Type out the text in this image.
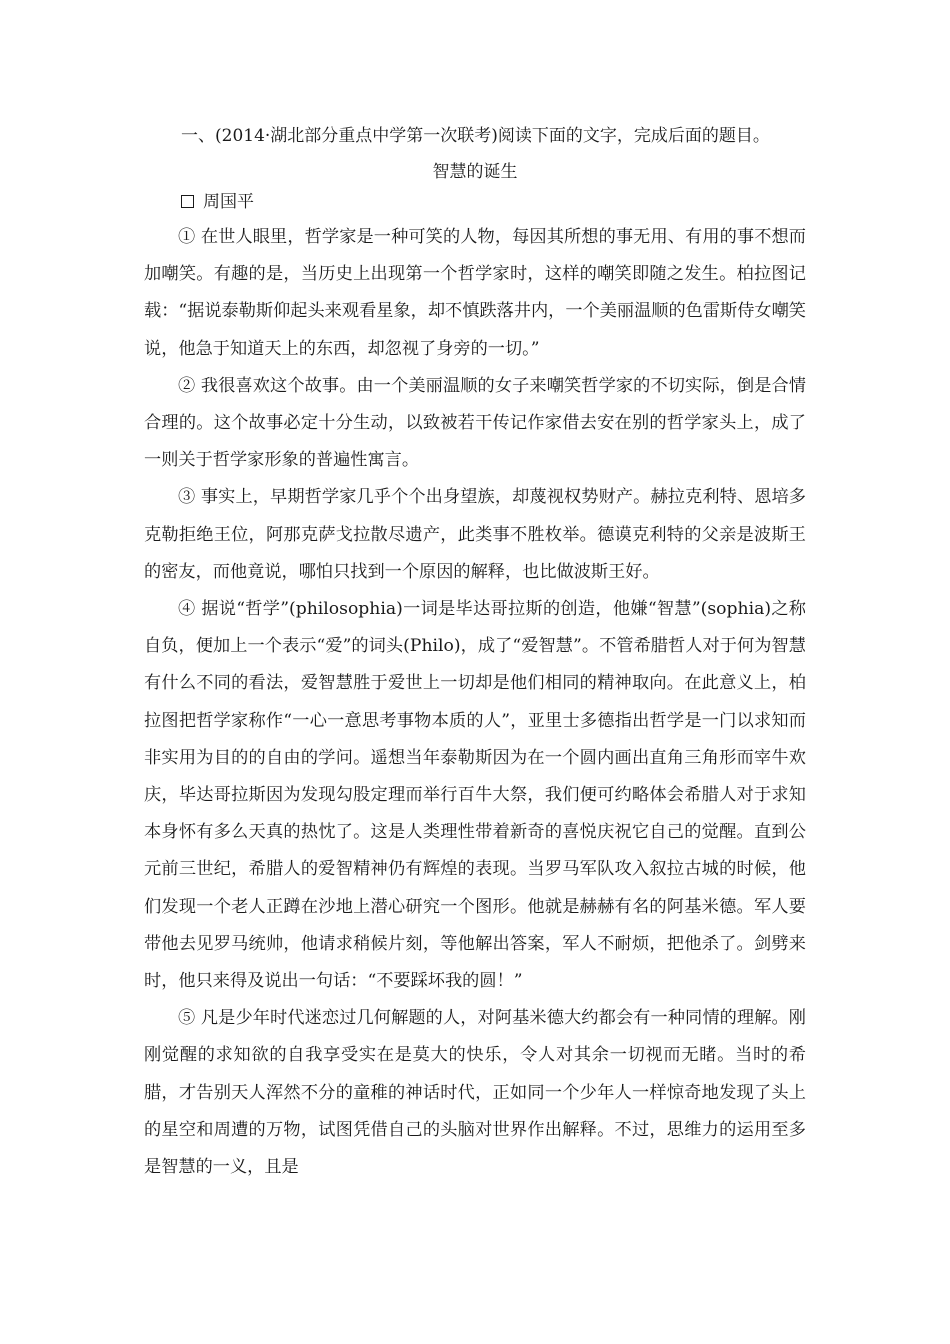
一、(2014·湖北部分重点中学第一次联考)阅读下面的文字，完成后面的题目。
智慧的诞生
周国平

① 在世人眼里，哲学家是一种可笑的人物，每因其所想的事无用、有用的事不想而加嘲笑。有趣的是，当历史上出现第一个哲学家时，这样的嘲笑即随之发生。柏拉图记载：“据说泰勒斯仰起头来观看星象，却不慎跌落井内，一个美丽温顺的色雷斯侍女嘲笑说，他急于知道天上的东西，却忽视了身旁的一切。”

② 我很喜欢这个故事。由一个美丽温顺的女子来嘲笑哲学家的不切实际，倒是合情合理的。这个故事必定十分生动，以致被若干传记作家借去安在别的哲学家头上，成了一则关于哲学家形象的普遍性寓言。

③ 事实上，早期哲学家几乎个个出身望族，却蔑视权势财产。赫拉克利特、恩培多克勒拒绝王位，阿那克萨戈拉散尽遗产，此类事不胜枚举。德谟克利特的父亲是波斯王的密友，而他竟说，哪怕只找到一个原因的解释，也比做波斯王好。

④ 据说“哲学”(philosophia)一词是毕达哥拉斯的创造，他嫌“智慧”(sophia)之称自负，便加上一个表示“爱”的词头(Philo)，成了“爱智慧”。不管希腊哲人对于何为智慧有什么不同的看法，爱智慧胜于爱世上一切却是他们相同的精神取向。在此意义上，柏拉图把哲学家称作“一心一意思考事物本质的人”，亚里士多德指出哲学是一门以求知而非实用为目的的自由的学问。遥想当年泰勒斯因为在一个圆内画出直角三角形而宰牛欢庆，毕达哥拉斯因为发现勾股定理而举行百牛大祭，我们便可约略体会希腊人对于求知本身怀有多么天真的热忱了。这是人类理性带着新奇的喜悦庆祝它自己的觉醒。直到公元前三世纪，希腊人的爱智精神仍有辉煌的表现。当罗马军队攻入叙拉古城的时候，他们发现一个老人正蹲在沙地上潜心研究一个图形。他就是赫赫有名的阿基米德。军人要带他去见罗马统帅，他请求稍候片刻，等他解出答案，军人不耐烦，把他杀了。剑劈来时，他只来得及说出一句话：“不要踩坏我的圆！”

⑤ 凡是少年时代迷恋过几何解题的人，对阿基米德大约都会有一种同情的理解。刚刚觉醒的求知欲的自我享受实在是莫大的快乐，令人对其余一切视而无睹。当时的希腊，才告别天人浑然不分的童稚的神话时代，正如同一个少年人一样惊奇地发现了头上的星空和周遭的万物，试图凭借自己的头脑对世界作出解释。不过，思维力的运用至多是智慧的一义，且是
